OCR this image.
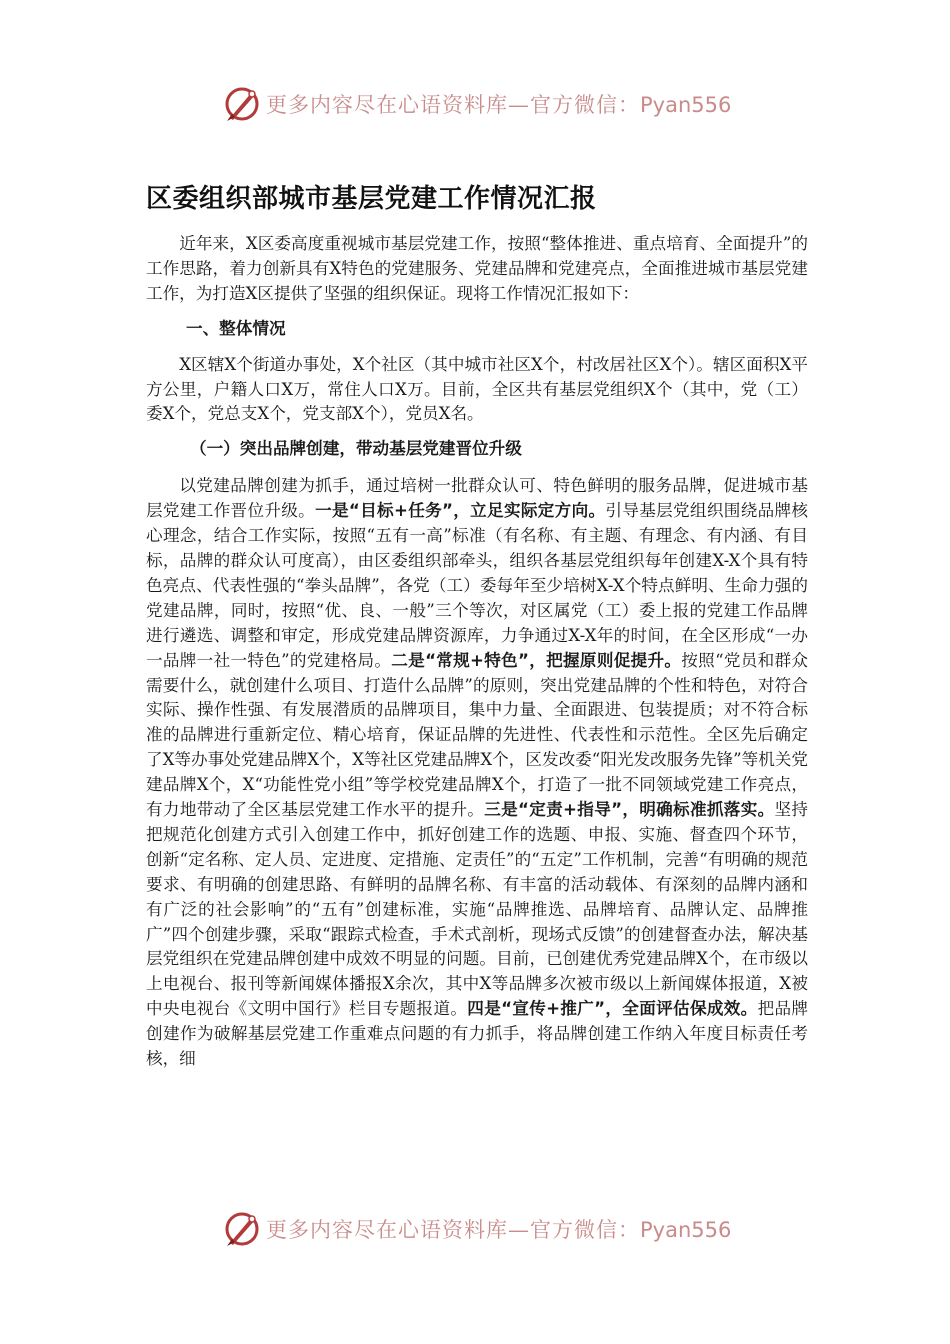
更多内容尽在心语资料库—官方微信：Pyan556
区委组织部城市基层党建工作情况汇报

近年来，X区委高度重视城市基层党建工作，按照“整体推进、重点培育、全面提升”的工作思路，着力创新具有X特色的党建服务、党建品牌和党建亮点，全面推进城市基层党建工作，为打造X区提供了坚强的组织保证。现将工作情况汇报如下：

一、整体情况

X区辖X个街道办事处，X个社区（其中城市社区X个，村改居社区X个）。辖区面积X平方公里，户籍人口X万，常住人口X万。目前，全区共有基层党组织X个（其中，党（工）委X个，党总支X个，党支部X个），党员X名。

（一）突出品牌创建，带动基层党建晋位升级

以党建品牌创建为抓手，通过培树一批群众认可、特色鲜明的服务品牌，促进城市基层党建工作晋位升级。一是“目标+任务”，立足实际定方向。引导基层党组织围绕品牌核心理念，结合工作实际，按照“五有一高”标准（有名称、有主题、有理念、有内涵、有目标，品牌的群众认可度高），由区委组织部牵头，组织各基层党组织每年创建X-X个具有特色亮点、代表性强的“拳头品牌”，各党（工）委每年至少培树X-X个特点鲜明、生命力强的党建品牌，同时，按照“优、良、一般”三个等次，对区属党（工）委上报的党建工作品牌进行遴选、调整和审定，形成党建品牌资源库，力争通过X-X年的时间，在全区形成“一办一品牌一社一特色”的党建格局。二是“常规+特色”，把握原则促提升。按照“党员和群众需要什么，就创建什么项目、打造什么品牌”的原则，突出党建品牌的个性和特色，对符合实际、操作性强、有发展潜质的品牌项目，集中力量、全面跟进、包装提质；对不符合标准的品牌进行重新定位、精心培育，保证品牌的先进性、代表性和示范性。全区先后确定了X等办事处党建品牌X个，X等社区党建品牌X个，区发改委“阳光发改服务先锋”等机关党建品牌X个，X“功能性党小组”等学校党建品牌X个，打造了一批不同领域党建工作亮点，有力地带动了全区基层党建工作水平的提升。三是“定责+指导”，明确标准抓落实。坚持把规范化创建方式引入创建工作中，抓好创建工作的选题、申报、实施、督查四个环节，创新“定名称、定人员、定进度、定措施、定责任”的“五定”工作机制，完善“有明确的规范要求、有明确的创建思路、有鲜明的品牌名称、有丰富的活动载体、有深刻的品牌内涵和有广泛的社会影响”的“五有”创建标准，实施“品牌推选、品牌培育、品牌认定、品牌推广”四个创建步骤，采取“跟踪式检查，手术式剖析，现场式反馈”的创建督查办法，解决基层党组织在党建品牌创建中成效不明显的问题。目前，已创建优秀党建品牌X个，在市级以上电视台、报刊等新闻媒体播报X余次，其中X等品牌多次被市级以上新闻媒体报道，X被中央电视台《文明中国行》栏目专题报道。四是“宣传+推广”，全面评估保成效。把品牌创建作为破解基层党建工作重难点问题的有力抓手，将品牌创建工作纳入年度目标责任考核，细

更多内容尽在心语资料库—官方微信：Pyan556
